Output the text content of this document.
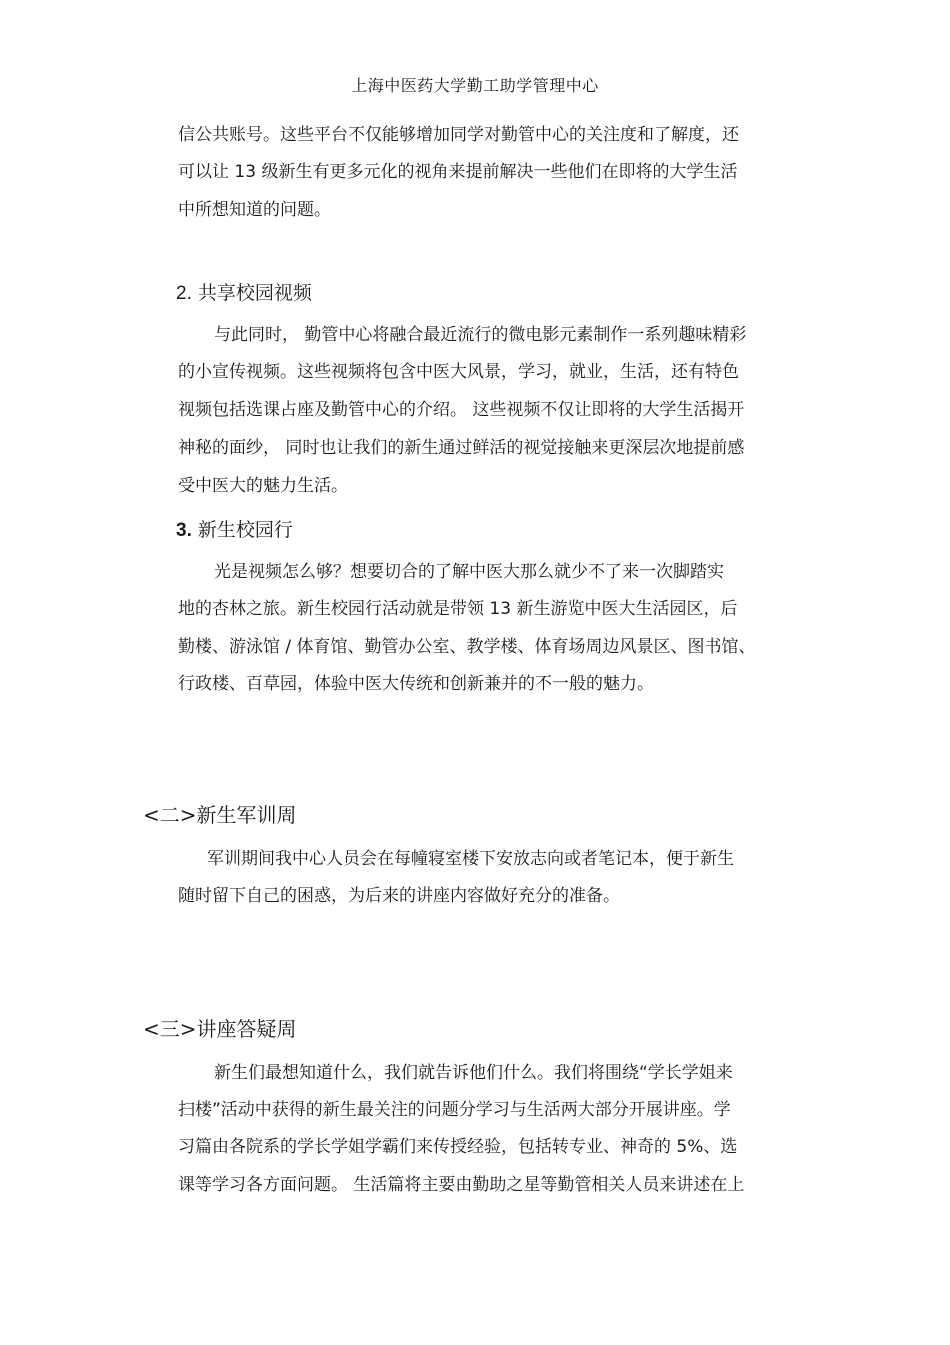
上海中医药大学勤工助学管理中心
信公共账号。这些平台不仅能够增加同学对勤管中心的关注度和了解度，还
可以让 13 级新生有更多元化的视角来提前解决一些他们在即将的大学生活
中所想知道的问题。
2. 共享校园视频
与此同时， 勤管中心将融合最近流行的微电影元素制作一系列趣味精彩
的小宣传视频。这些视频将包含中医大风景，学习，就业，生活，还有特色
视频包括选课占座及勤管中心的介绍。 这些视频不仅让即将的大学生活揭开
神秘的面纱， 同时也让我们的新生通过鲜活的视觉接触来更深层次地提前感
受中医大的魅力生活。
3. 新生校园行
光是视频怎么够？想要切合的了解中医大那么就少不了来一次脚踏实
地的杏林之旅。新生校园行活动就是带领 13 新生游览中医大生活园区，后
勤楼、游泳馆 / 体育馆、勤管办公室、教学楼、体育场周边风景区、图书馆、
行政楼、百草园，体验中医大传统和创新兼并的不一般的魅力。
<二>新生军训周
军训期间我中心人员会在每幢寝室楼下安放志向或者笔记本，便于新生
随时留下自己的困惑，为后来的讲座内容做好充分的准备。
<三>讲座答疑周
新生们最想知道什么，我们就告诉他们什么。我们将围绕“学长学姐来
扫楼”活动中获得的新生最关注的问题分学习与生活两大部分开展讲座。学
习篇由各院系的学长学姐学霸们来传授经验，包括转专业、神奇的 5%、选
课等学习各方面问题。 生活篇将主要由勤助之星等勤管相关人员来讲述在上
